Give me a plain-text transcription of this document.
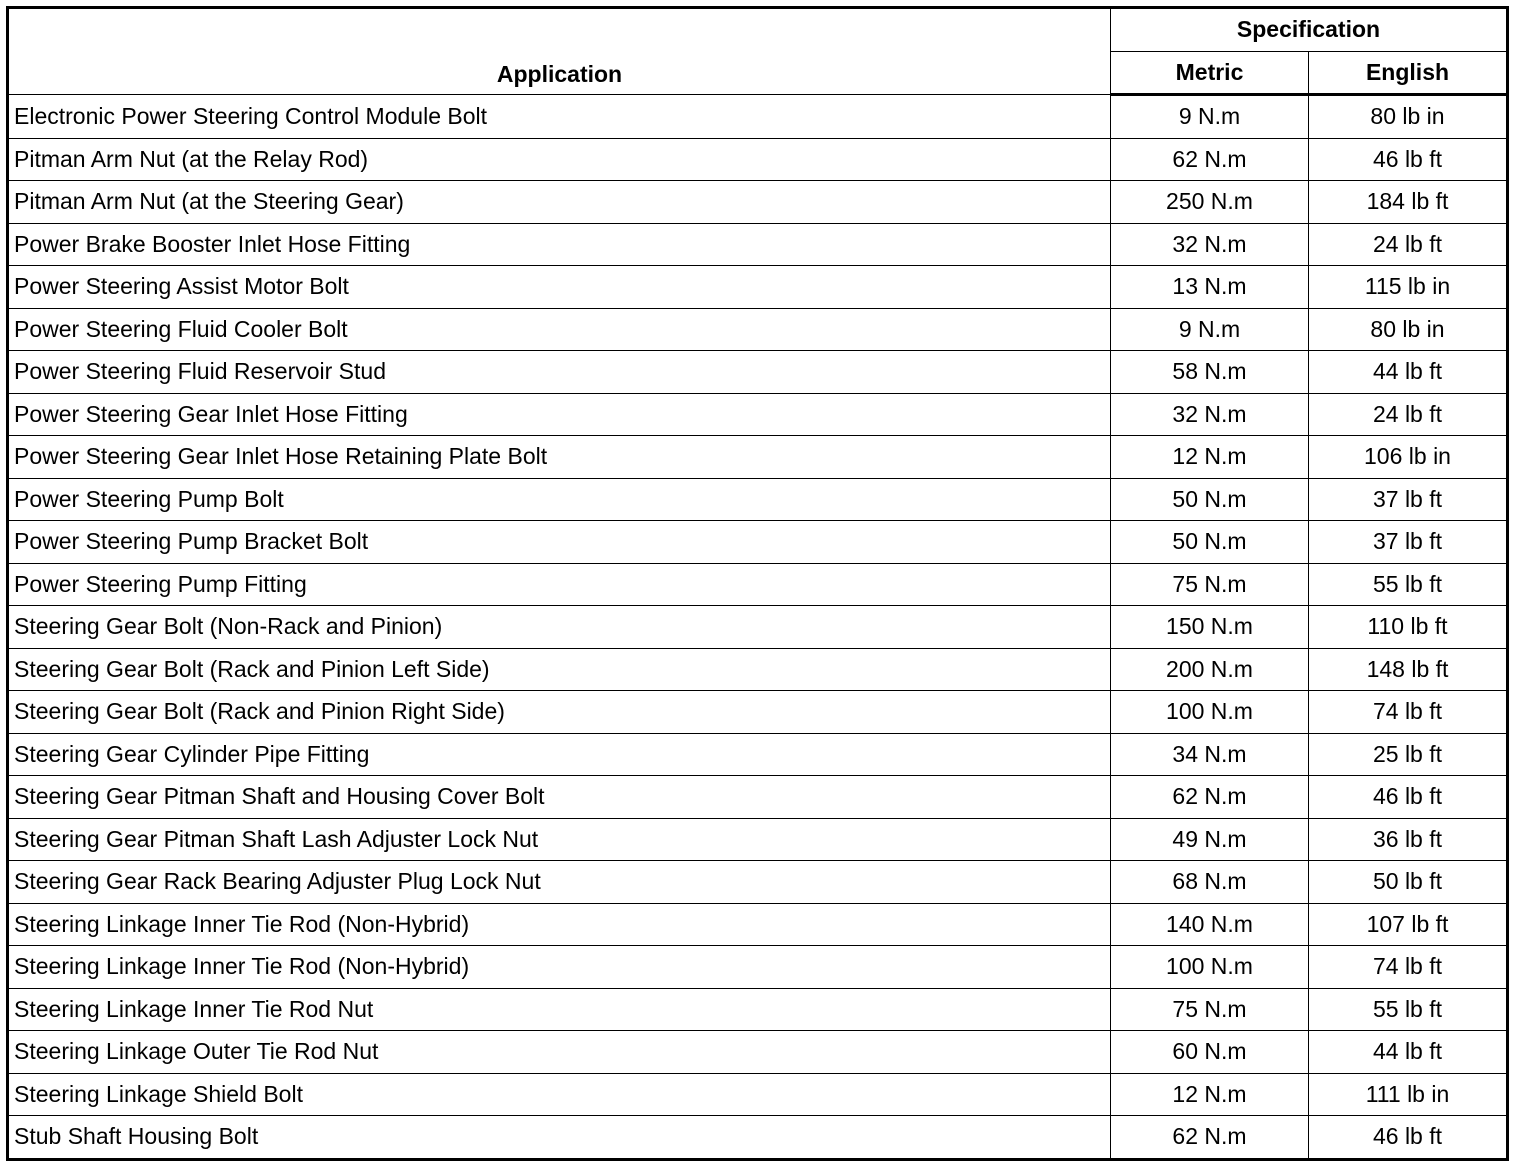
Application	Specification	
	Metric	English
Electronic Power Steering Control Module Bolt	9 N.m	80 lb in
Pitman Arm Nut (at the Relay Rod)	62 N.m	46 lb ft
Pitman Arm Nut (at the Steering Gear)	250 N.m	184 lb ft
Power Brake Booster Inlet Hose Fitting	32 N.m	24 lb ft
Power Steering Assist Motor Bolt	13 N.m	115 lb in
Power Steering Fluid Cooler Bolt	9 N.m	80 lb in
Power Steering Fluid Reservoir Stud	58 N.m	44 lb ft
Power Steering Gear Inlet Hose Fitting	32 N.m	24 lb ft
Power Steering Gear Inlet Hose Retaining Plate Bolt	12 N.m	106 lb in
Power Steering Pump Bolt	50 N.m	37 lb ft
Power Steering Pump Bracket Bolt	50 N.m	37 lb ft
Power Steering Pump Fitting	75 N.m	55 lb ft
Steering Gear Bolt (Non-Rack and Pinion)	150 N.m	110 lb ft
Steering Gear Bolt (Rack and Pinion Left Side)	200 N.m	148 lb ft
Steering Gear Bolt (Rack and Pinion Right Side)	100 N.m	74 lb ft
Steering Gear Cylinder Pipe Fitting	34 N.m	25 lb ft
Steering Gear Pitman Shaft and Housing Cover Bolt	62 N.m	46 lb ft
Steering Gear Pitman Shaft Lash Adjuster Lock Nut	49 N.m	36 lb ft
Steering Gear Rack Bearing Adjuster Plug Lock Nut	68 N.m	50 lb ft
Steering Linkage Inner Tie Rod (Non-Hybrid)	140 N.m	107 lb ft
Steering Linkage Inner Tie Rod (Non-Hybrid)	100 N.m	74 lb ft
Steering Linkage Inner Tie Rod Nut	75 N.m	55 lb ft
Steering Linkage Outer Tie Rod Nut	60 N.m	44 lb ft
Steering Linkage Shield Bolt	12 N.m	111 lb in
Stub Shaft Housing Bolt	62 N.m	46 lb ft
